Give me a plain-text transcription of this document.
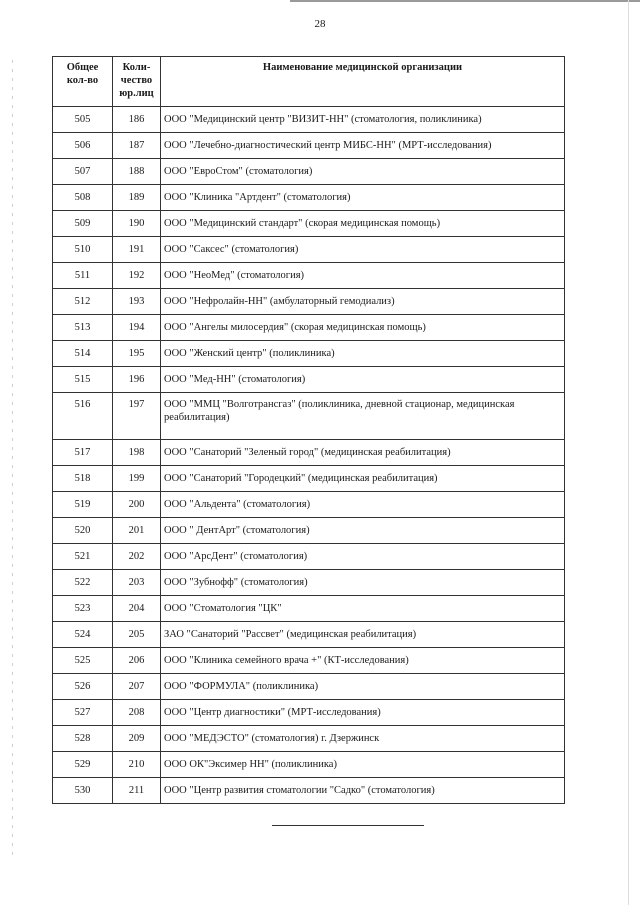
28
Общее кол-во	Коли-чество юр.лиц	Наименование медицинской организации
505	186	ООО "Медицинский центр "ВИЗИТ-НН" (стоматология, поликлиника)
506	187	ООО "Лечебно-диагностический центр МИБС-НН" (МРТ-исследования)
507	188	ООО "ЕвроСтом" (стоматология)
508	189	ООО "Клиника "Артдент" (стоматология)
509	190	ООО "Медицинский стандарт" (скорая медицинская помощь)
510	191	ООО "Саксес" (стоматология)
511	192	ООО "НеоМед" (стоматология)
512	193	ООО "Нефролайн-НН" (амбулаторный гемодиализ)
513	194	ООО "Ангелы милосердия" (скорая медицинская помощь)
514	195	ООО "Женский центр" (поликлиника)
515	196	ООО "Мед-НН" (стоматология)
516	197	ООО "ММЦ "Волготрансгаз" (поликлиника, дневной стационар, медицинская реабилитация)
517	198	ООО "Санаторий "Зеленый город" (медицинская реабилитация)
518	199	ООО "Санаторий "Городецкий" (медицинская реабилитация)
519	200	ООО "Альдента" (стоматология)
520	201	ООО " ДентАрт" (стоматология)
521	202	ООО "АрсДент" (стоматология)
522	203	ООО "Зубнофф" (стоматология)
523	204	ООО "Стоматология "ЦК"
524	205	ЗАО "Санаторий "Рассвет" (медицинская реабилитация)
525	206	ООО "Клиника семейного врача +" (КТ-исследования)
526	207	ООО "ФОРМУЛА" (поликлиника)
527	208	ООО "Центр диагностики" (МРТ-исследования)
528	209	ООО "МЕДЭСТО" (стоматология) г. Дзержинск
529	210	ООО ОК"Эксимер НН" (поликлиника)
530	211	ООО "Центр развития стоматологии "Садко" (стоматология)
